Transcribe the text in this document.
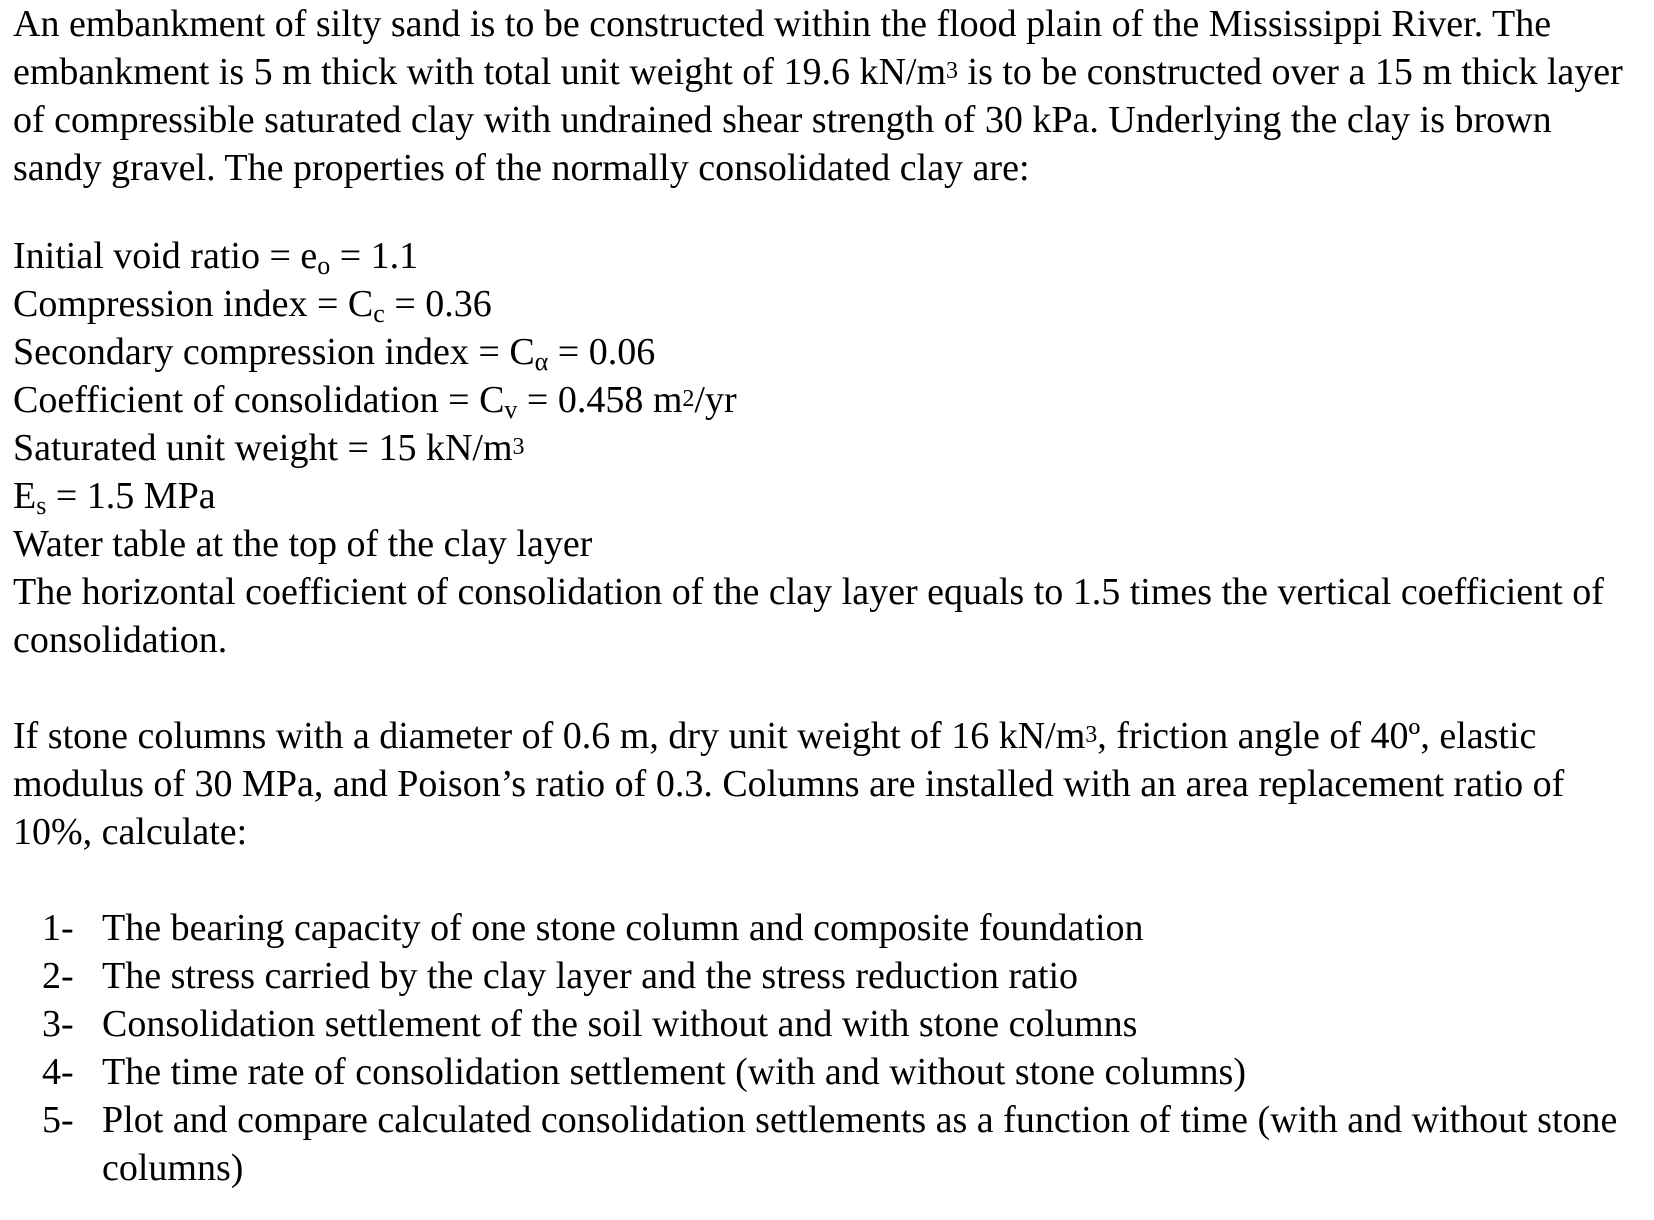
An embankment of silty sand is to be constructed within the flood plain of the Mississippi River. The embankment is 5 m thick with total unit weight of 19.6 $kN/m^3$ is to be constructed over a 15 m thick layer of compressible saturated clay with undrained shear strength of 30 kPa. Underlying the clay is brown sandy gravel. The properties of the normally consolidated clay are:

Initial void ratio = eo = 1.1

Compression index = Cc = 0.36

Secondary compression index = Cα = 0.06

Coefficient of consolidation = Cv = 0.458 $m^2/yr$

Saturated unit weight = 15 $kN/m^3$

Es = 1.5 MPa

Water table at the top of the clay layer

The horizontal coefficient of consolidation of the clay layer equals to 1.5 times the vertical coefficient of consolidation.

If stone columns with a diameter of 0.6 m, dry unit weight of 16 $kN/m^3$, friction angle of 40º, elastic modulus of 30 MPa, and Poison’s ratio of 0.3. Columns are installed with an area replacement ratio of 10%, calculate:

1- The bearing capacity of one stone column and composite foundation
2- The stress carried by the clay layer and the stress reduction ratio
3- Consolidation settlement of the soil without and with stone columns
4- The time rate of consolidation settlement (with and without stone columns)
5- Plot and compare calculated consolidation settlements as a function of time (with and without stone columns)
